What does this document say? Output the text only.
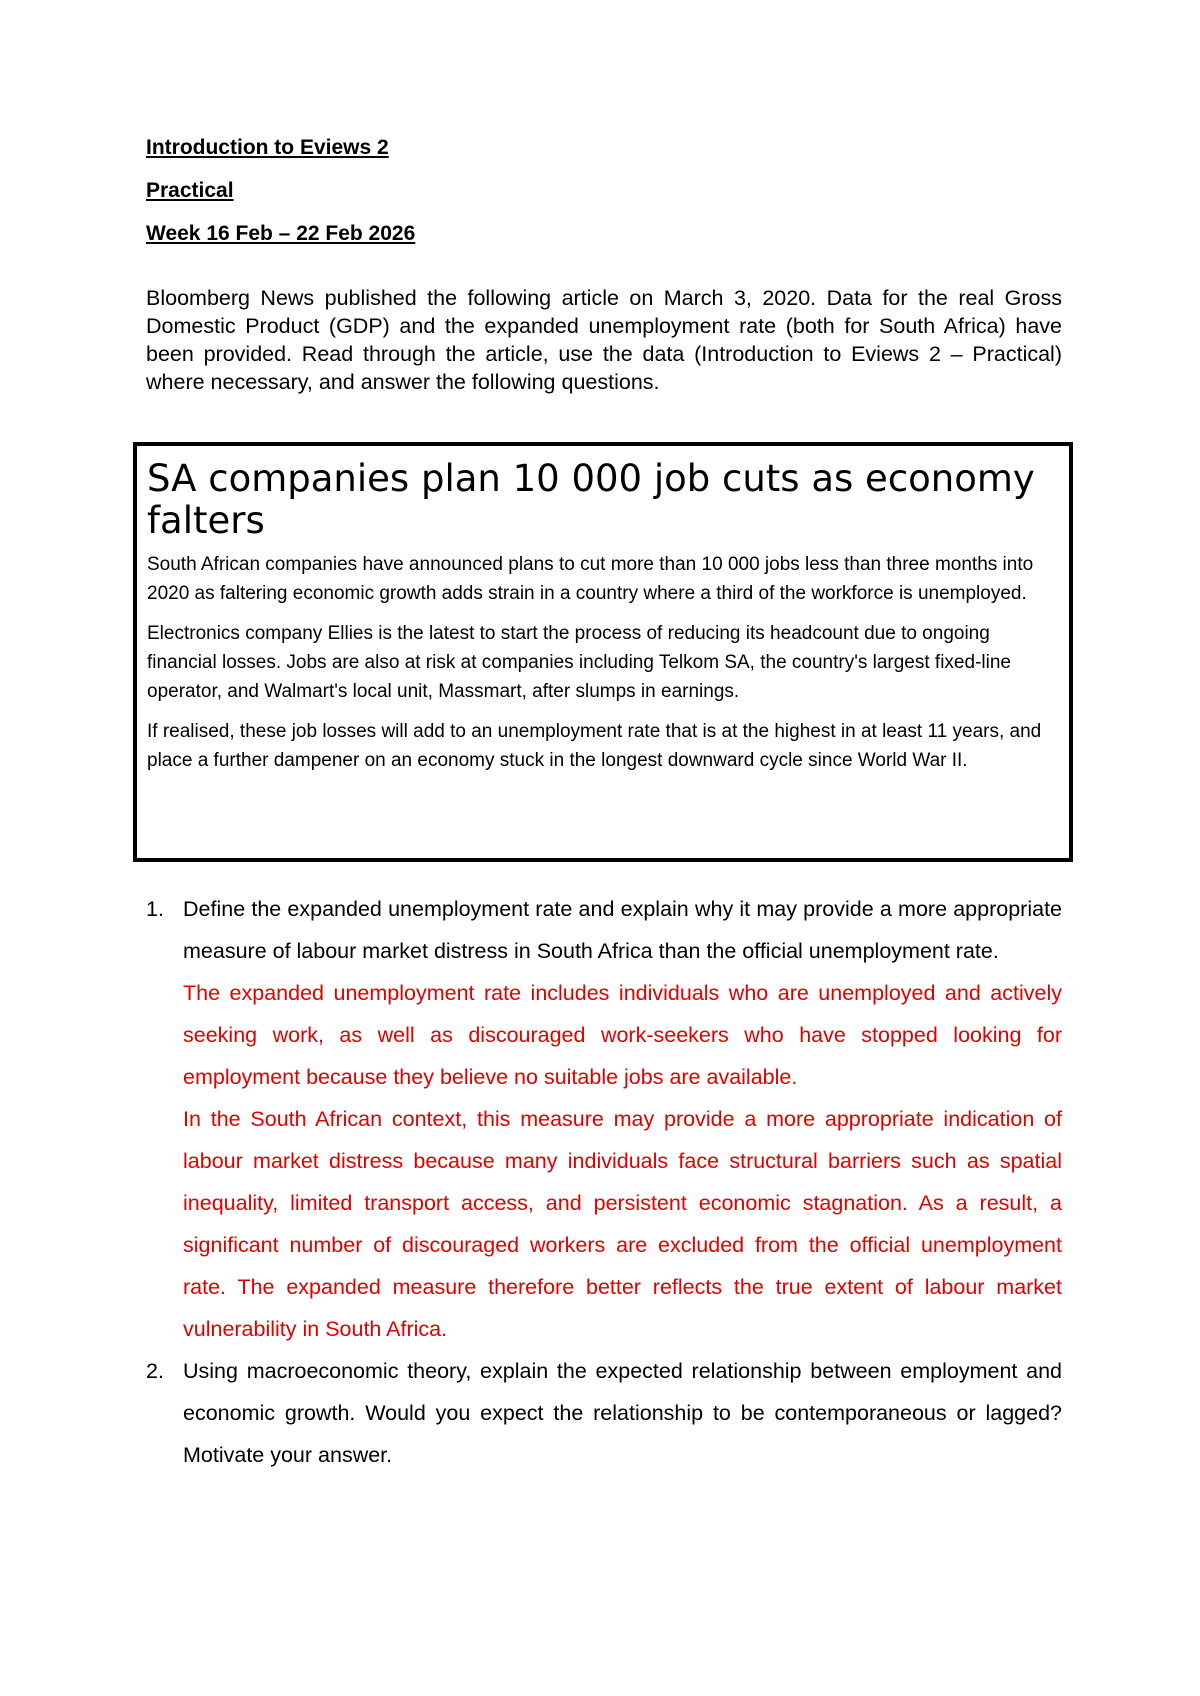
Introduction to Eviews 2

Practical

Week 16 Feb – 22 Feb 2026

Bloomberg News published the following article on March 3, 2020. Data for the real Gross Domestic Product (GDP) and the expanded unemployment rate (both for South Africa) have been provided. Read through the article, use the data (Introduction to Eviews 2 – Practical) where necessary, and answer the following questions.

SA companies plan 10 000 job cuts as economy falters

South African companies have announced plans to cut more than 10 000 jobs less than three months into 2020 as faltering economic growth adds strain in a country where a third of the workforce is unemployed.

Electronics company Ellies is the latest to start the process of reducing its headcount due to ongoing financial losses. Jobs are also at risk at companies including Telkom SA, the country's largest fixed-line operator, and Walmart's local unit, Massmart, after slumps in earnings.

If realised, these job losses will add to an unemployment rate that is at the highest in at least 11 years, and place a further dampener on an economy stuck in the longest downward cycle since World War II.

1. Define the expanded unemployment rate and explain why it may provide a more appropriate measure of labour market distress in South Africa than the official unemployment rate.

The expanded unemployment rate includes individuals who are unemployed and actively seeking work, as well as discouraged work-seekers who have stopped looking for employment because they believe no suitable jobs are available.

In the South African context, this measure may provide a more appropriate indication of labour market distress because many individuals face structural barriers such as spatial inequality, limited transport access, and persistent economic stagnation. As a result, a significant number of discouraged workers are excluded from the official unemployment rate. The expanded measure therefore better reflects the true extent of labour market vulnerability in South Africa.

2. Using macroeconomic theory, explain the expected relationship between employment and economic growth. Would you expect the relationship to be contemporaneous or lagged? Motivate your answer.
